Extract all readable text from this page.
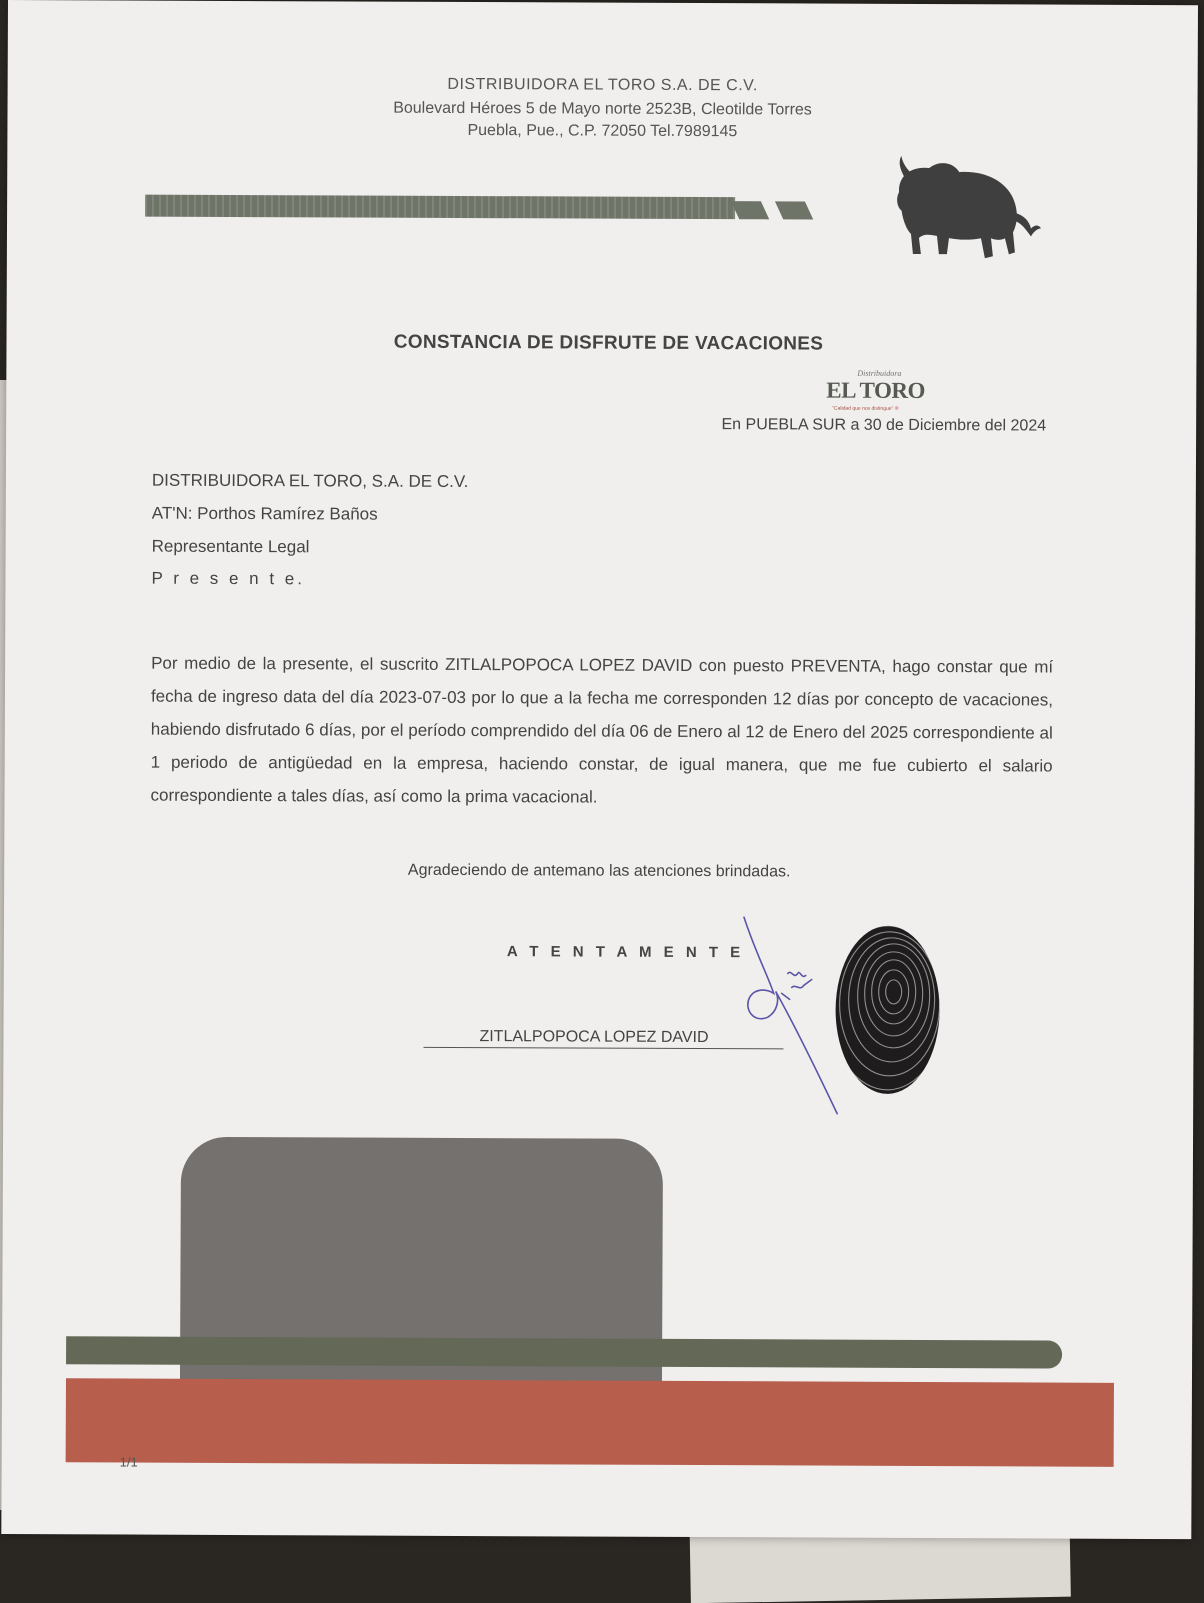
DISTRIBUIDORA EL TORO S.A. DE C.V.
Boulevard Héroes 5 de Mayo norte 2523B, Cleotilde Torres
Puebla, Pue., C.P. 72050 Tel.7989145
Distribuidora
EL TORO
"Calidad que nos distingue" ®
CONSTANCIA DE DISFRUTE DE VACACIONES
En PUEBLA SUR a 30 de Diciembre del 2024
DISTRIBUIDORA EL TORO, S.A. DE C.V.
AT'N: Porthos Ramírez Baños
Representante Legal
P r e s e n t e.
Por medio de la presente, el suscrito ZITLALPOPOCA LOPEZ DAVID con puesto PREVENTA, hago constar que mí fecha de ingreso data del día 2023-07-03 por lo que a la fecha me corresponden 12 días por concepto de vacaciones, habiendo disfrutado 6 días, por el período comprendido del día 06 de Enero al 12 de Enero del 2025 correspondiente al 1 periodo de antigüedad en la empresa, haciendo constar, de igual manera, que me fue cubierto el salario correspondiente a tales días, así como la prima vacacional.
Agradeciendo de antemano las atenciones brindadas.
A T E N T A M E N T E
ZITLALPOPOCA LOPEZ DAVID
1/1
